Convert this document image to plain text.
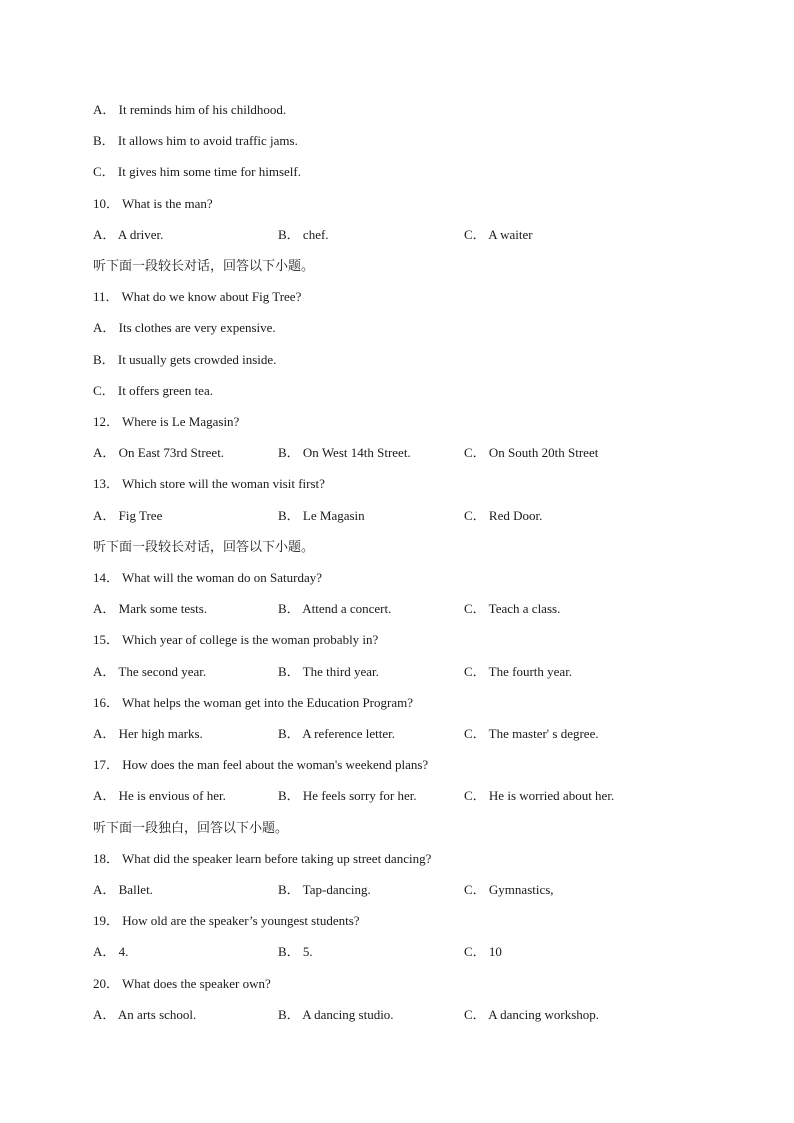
A． It reminds him of his childhood.
B． It allows him to avoid traffic jams.
C． It gives him some time for himself.
10． What is the man?
A． A driver.	B． chef.	C． A waiter
听下面一段较长对话，回答以下小题。
11． What do we know about Fig Tree?
A． Its clothes are very expensive.
B． It usually gets crowded inside.
C． It offers green tea.
12． Where is Le Magasin?
A． On East 73rd Street.	B． On West 14th Street.	C． On South 20th Street
13． Which store will the woman visit first?
A． Fig Tree	B． Le Magasin	C． Red Door.
听下面一段较长对话，回答以下小题。
14． What will the woman do on Saturday?
A． Mark some tests.	B． Attend a concert.	C． Teach a class.
15． Which year of college is the woman probably in?
A． The second year.	B． The third year.	C． The fourth year.
16． What helps the woman get into the Education Program?
A． Her high marks.	B． A reference letter.	C． The master' s degree.
17． How does the man feel about the woman's weekend plans?
A． He is envious of her.	B． He feels sorry for her.	C． He is worried about her.
听下面一段独白，回答以下小题。
18． What did the speaker learn before taking up street dancing?
A． Ballet.	B． Tap-dancing.	C． Gymnastics,
19． How old are the speaker’s youngest students?
A． 4.	B． 5.	C． 10
20． What does the speaker own?
A． An arts school.	B． A dancing studio.	C． A dancing workshop.
